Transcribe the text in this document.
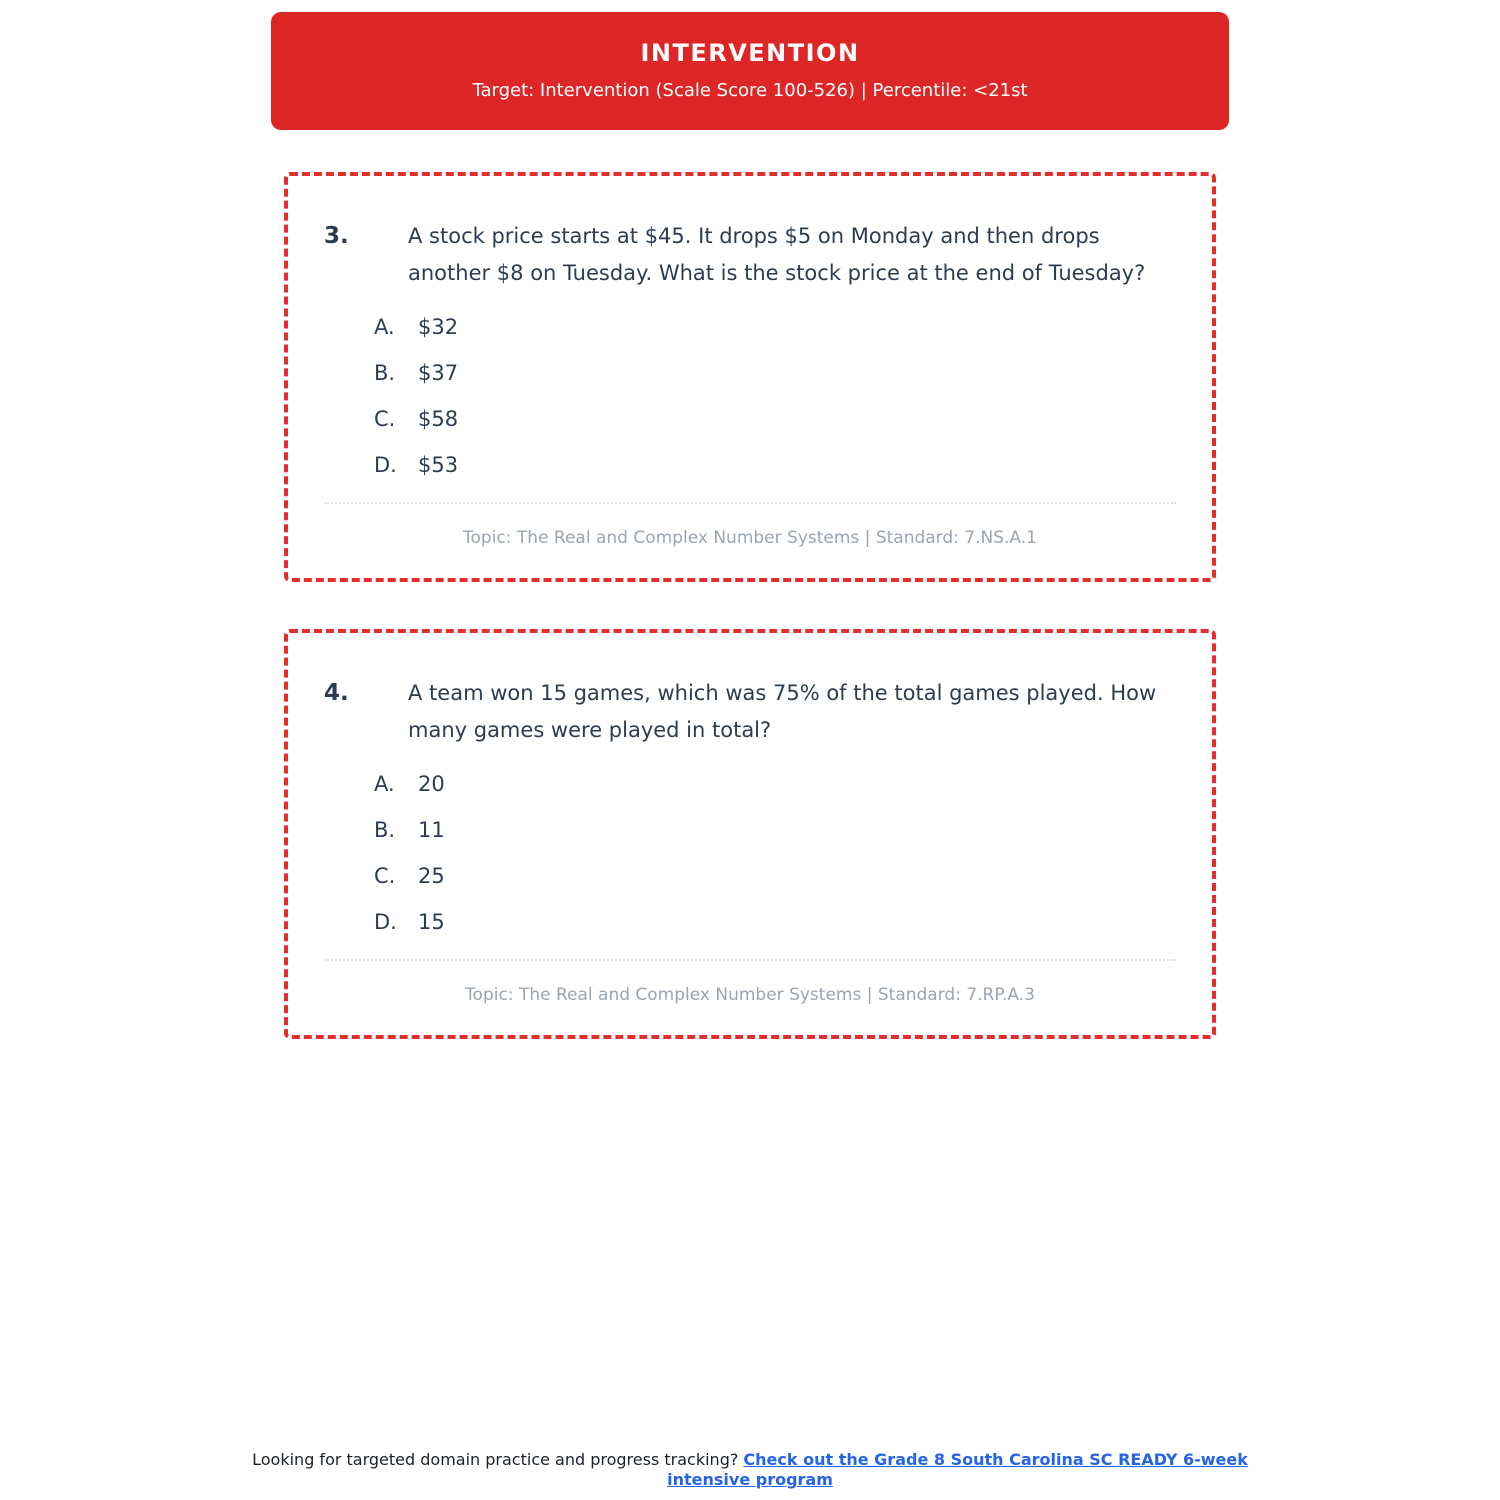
INTERVENTION
Target: Intervention (Scale Score 100-526) | Percentile: <21st
3.	A stock price starts at $45. It drops $5 on Monday and then drops another $8 on Tuesday. What is the stock price at the end of Tuesday?
A.	$32
B.	$37
C.	$58
D.	$53
Topic: The Real and Complex Number Systems | Standard: 7.NS.A.1
4.	A team won 15 games, which was 75% of the total games played. How many games were played in total?
A.	20
B.	11
C.	25
D.	15
Topic: The Real and Complex Number Systems | Standard: 7.RP.A.3
Looking for targeted domain practice and progress tracking? Check out the Grade 8 South Carolina SC READY 6-week intensive program
